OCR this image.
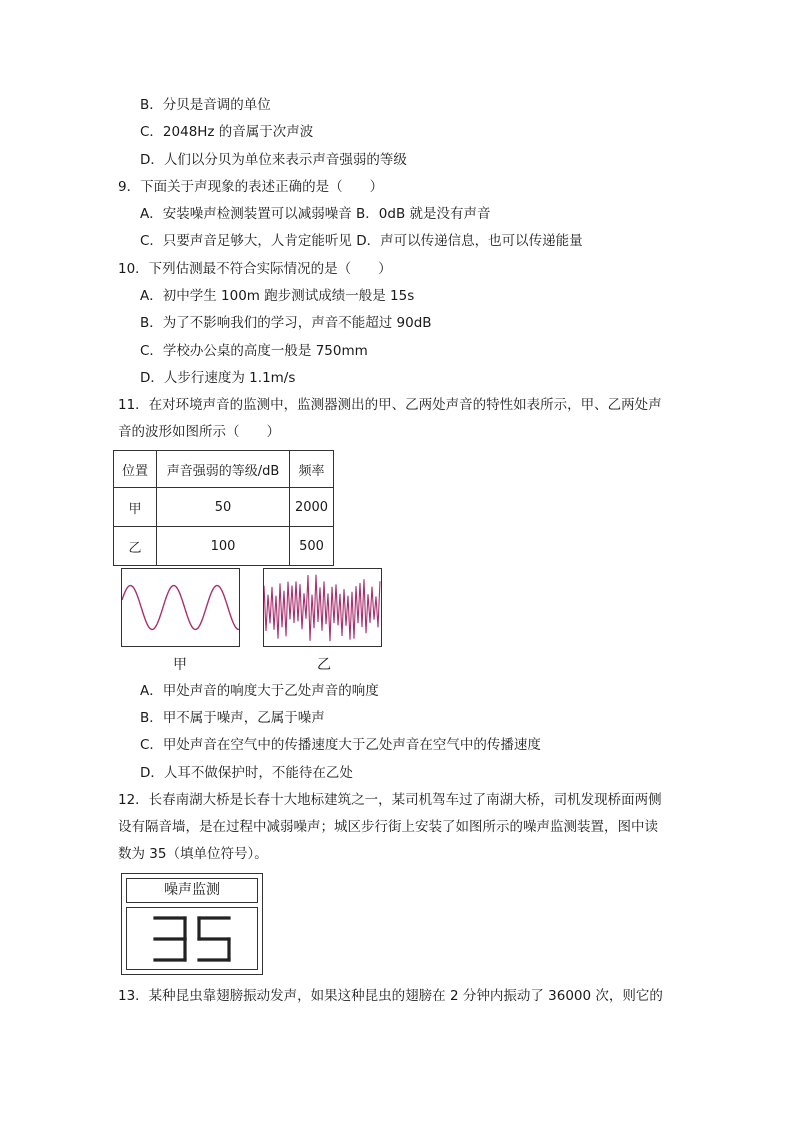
B．分贝是音调的单位
C．2048Hz 的音属于次声波
D．人们以分贝为单位来表示声音强弱的等级
9．下面关于声现象的表述正确的是（　　）
A．安装噪声检测装置可以减弱噪音 B．0dB 就是没有声音
C．只要声音足够大，人肯定能听见 D．声可以传递信息，也可以传递能量
10．下列估测最不符合实际情况的是（　　）
A．初中学生 100m 跑步测试成绩一般是 15s
B．为了不影响我们的学习，声音不能超过 90dB
C．学校办公桌的高度一般是 750mm
D．人步行速度为 1.1m/s
11．在对环境声音的监测中，监测器测出的甲、乙两处声音的特性如表所示，甲、乙两处声
音的波形如图所示（　　）
位置	声音强弱的等级/dB	频率
甲	50	2000
乙	100	500
甲	乙
A．甲处声音的响度大于乙处声音的响度
B．甲不属于噪声，乙属于噪声
C．甲处声音在空气中的传播速度大于乙处声音在空气中的传播速度
D．人耳不做保护时，不能待在乙处
12．长春南湖大桥是长春十大地标建筑之一，某司机驾车过了南湖大桥，司机发现桥面两侧
设有隔音墙，是在过程中减弱噪声；城区步行街上安装了如图所示的噪声监测装置，图中读
数为 35（填单位符号）。
噪声监测
13．某种昆虫靠翅膀振动发声，如果这种昆虫的翅膀在 2 分钟内振动了 36000 次，则它的
